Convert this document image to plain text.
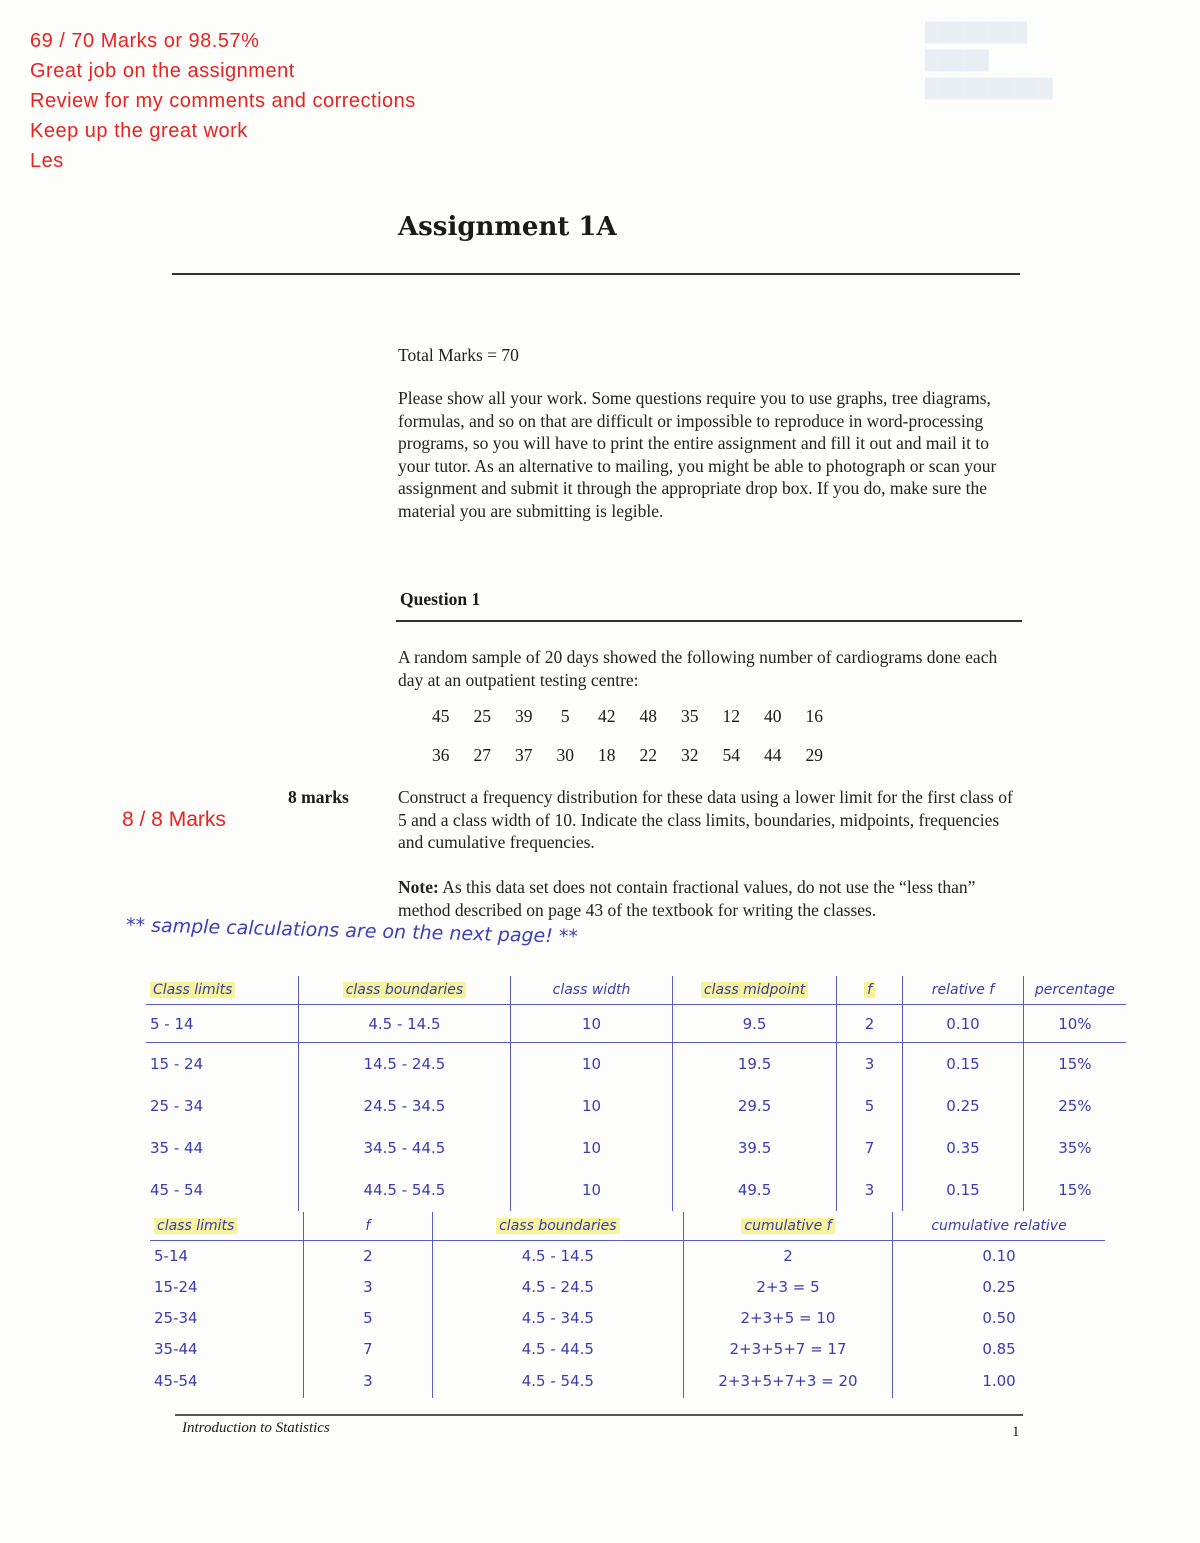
████████
█████
██████████
69 / 70 Marks or 98.57%
Great job on the assignment
Review for my comments and corrections
Keep up the great work
Les
Assignment 1A
Total Marks = 70
Please show all your work. Some questions require you to use graphs, tree diagrams, formulas, and so on that are difficult or impossible to reproduce in word-processing programs, so you will have to print the entire assignment and fill it out and mail it to your tutor. As an alternative to mailing, you might be able to photograph or scan your assignment and submit it through the appropriate drop box. If you do, make sure the material you are submitting is legible.
Question 1
A random sample of 20 days showed the following number of cardiograms done each day at an outpatient testing centre:
45	25	39	5	42	48	35	12	40	16
36	27	37	30	18	22	32	54	44	29
8 marks
8 / 8 Marks
Construct a frequency distribution for these data using a lower limit for the first class of 5 and a class width of 10. Indicate the class limits, boundaries, midpoints, frequencies and cumulative frequencies.
Note: As this data set does not contain fractional values, do not use the “less than” method described on page 43 of the textbook for writing the classes.
** sample calculations are on the next page! **
Class limits	class boundaries	class width	class midpoint	f	relative f	percentage
5 - 14	4.5 - 14.5	10	9.5	2	0.10	10%
15 - 24	14.5 - 24.5	10	19.5	3	0.15	15%
25 - 34	24.5 - 34.5	10	29.5	5	0.25	25%
35 - 44	34.5 - 44.5	10	39.5	7	0.35	35%
45 - 54	44.5 - 54.5	10	49.5	3	0.15	15%
class limits	f	class boundaries	cumulative f	cumulative relative
5-14	2	4.5 - 14.5	2	0.10
15-24	3	4.5 - 24.5	2+3 = 5	0.25
25-34	5	4.5 - 34.5	2+3+5 = 10	0.50
35-44	7	4.5 - 44.5	2+3+5+7 = 17	0.85
45-54	3	4.5 - 54.5	2+3+5+7+3 = 20	1.00
Introduction to Statistics	1
